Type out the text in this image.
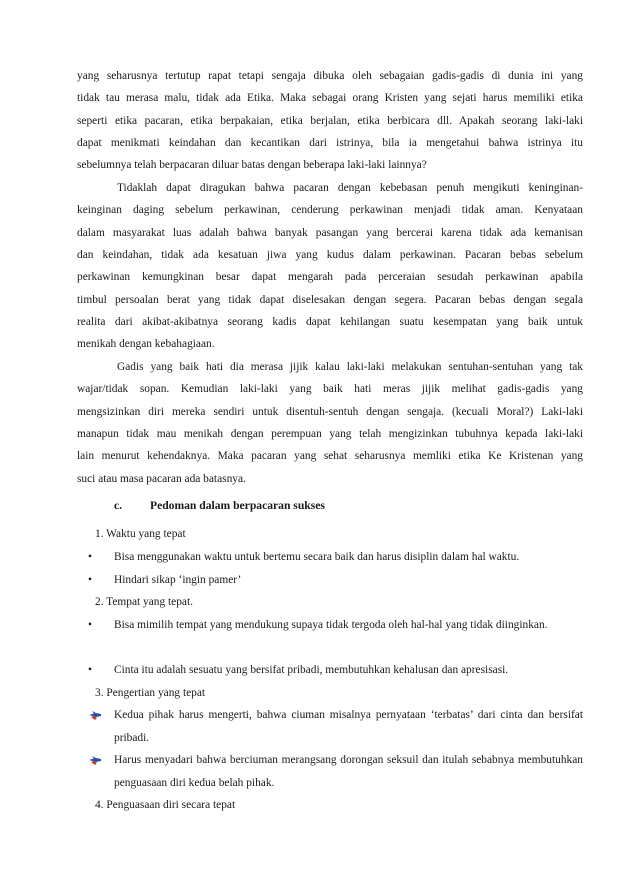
yang seharusnya tertutup rapat tetapi sengaja dibuka oleh sebagaian gadis-gadis di dunia ini yang

tidak tau merasa malu, tidak ada Etika. Maka sebagai orang Kristen yang sejati harus memiliki etika

seperti etika pacaran, etika berpakaian, etika berjalan, etika berbicara dll. Apakah seorang laki-laki

dapat menikmati keindahan dan kecantikan dari istrinya, bila ia mengetahui bahwa istrinya itu

sebelumnya telah berpacaran diluar batas dengan beberapa laki-laki lainnya?

Tidaklah dapat diragukan bahwa pacaran dengan kebebasan penuh mengikuti keninginan-

keinginan daging sebelum perkawinan, cenderung perkawinan menjadi tidak aman. Kenyataan

dalam masyarakat luas adalah bahwa banyak pasangan yang bercerai karena tidak ada kemanisan

dan keindahan, tidak ada kesatuan jiwa yang kudus dalam perkawinan. Pacaran bebas sebelum

perkawinan kemungkinan besar dapat mengarah pada perceraian sesudah perkawinan apabila

timbul persoalan berat yang tidak dapat diselesakan dengan segera. Pacaran bebas dengan segala

realita dari akibat-akibatnya seorang kadis dapat kehilangan suatu kesempatan yang baik untuk

menikah dengan kebahagiaan.

Gadis yang baik hati dia merasa jijik kalau laki-laki melakukan sentuhan-sentuhan yang tak

wajar/tidak sopan. Kemudian laki-laki yang baik hati meras jijik melihat gadis-gadis yang

mengsizinkan diri mereka sendiri untuk disentuh-sentuh dengan sengaja. (kecuali Moral?) Laki-laki

manapun tidak mau menikah dengan perempuan yang telah mengizinkan tubuhnya kepada laki-laki

lain menurut kehendaknya. Maka pacaran yang sehat seharusnya memliki etika Ke Kristenan yang

suci atau masa pacaran ada batasnya.

c. Pedoman dalam berpacaran sukses
1. Waktu yang tepat
•	Bisa menggunakan waktu untuk bertemu secara baik dan harus disiplin dalam hal waktu.
•	Hindari sikap ‘ingin pamer’
2. Tempat yang tepat.
•	Bisa mimilih tempat yang mendukung supaya tidak tergoda oleh hal-hal yang tidak diinginkan.
•	Cinta itu adalah sesuatu yang bersifat pribadi, membutuhkan kehalusan dan apresisasi.
3. Pengertian yang tepat
Kedua pihak harus mengerti, bahwa ciuman misalnya pernyataan ‘terbatas’ dari cinta dan bersifat pribadi.
Harus menyadari bahwa berciuman merangsang dorongan seksuil dan itulah sebabnya membutuhkan penguasaan diri kedua belah pihak.
4. Penguasaan diri secara tepat
